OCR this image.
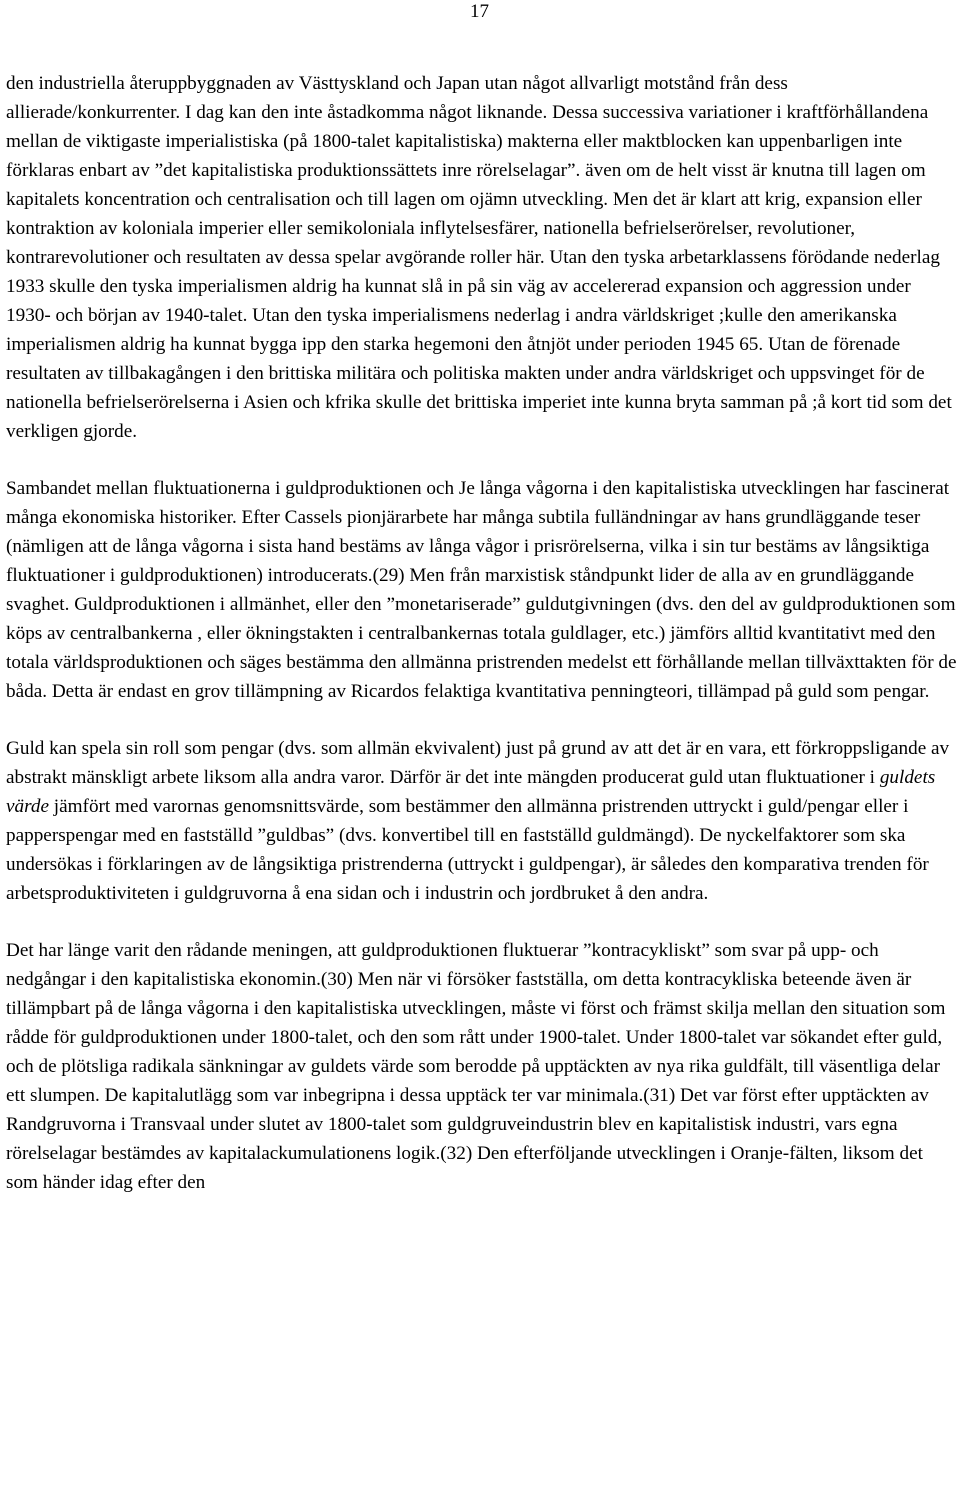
17

den industriella återuppbyggnaden av Västtyskland och Japan utan något allvarligt motstånd från dess allierade/konkurrenter. I dag kan den inte åstadkomma något liknande. Dessa successiva variationer i kraftförhållandena mellan de viktigaste imperialistiska (på 1800-talet kapitalistiska) makterna eller maktblocken kan uppenbarligen inte förklaras enbart av ”det kapitalistiska produktionssättets inre rörelselagar”. även om de helt visst är knutna till lagen om kapitalets koncentration och centralisation och till lagen om ojämn utveckling. Men det är klart att krig, expansion eller kontraktion av koloniala imperier eller semikoloniala inflytelsesfärer, nationella befrielserörelser, revolutioner, kontrarevolutioner och resultaten av dessa spelar avgörande roller här. Utan den tyska arbetarklassens förödande nederlag 1933 skulle den tyska imperialismen aldrig ha kunnat slå in på sin väg av accelererad expansion och aggression under 1930- och början av 1940-talet. Utan den tyska imperialismens nederlag i andra världskriget ;kulle den amerikanska imperialismen aldrig ha kunnat bygga ipp den starka hegemoni den åtnjöt under perioden 1945 65. Utan de förenade resultaten av tillbakagången i den brittiska militära och politiska makten under andra världskriget och uppsvinget för de nationella befrielserörelserna i Asien och kfrika skulle det brittiska imperiet inte kunna bryta samman på ;å kort tid som det verkligen gjorde.

Sambandet mellan fluktuationerna i guldproduktionen och Je långa vågorna i den kapitalistiska utvecklingen har fascinerat många ekonomiska historiker. Efter Cassels pionjärarbete har många subtila fulländningar av hans grundläggande teser (nämligen att de långa vågorna i sista hand bestäms av långa vågor i prisrörelserna, vilka i sin tur bestäms av långsiktiga fluktuationer i guldproduktionen) introducerats.(29) Men från marxistisk ståndpunkt lider de alla av en grundläggande svaghet. Guldproduktionen i allmänhet, eller den ”monetariserade” guldutgivningen (dvs. den del av guldproduktionen som köps av centralbankerna , eller ökningstakten i centralbankernas totala guldlager, etc.) jämförs alltid kvantitativt med den totala världsproduktionen och säges bestämma den allmänna pristrenden medelst ett förhållande mellan tillväxttakten för de båda. Detta är endast en grov tillämpning av Ricardos felaktiga kvantitativa penningteori, tillämpad på guld som pengar.

Guld kan spela sin roll som pengar (dvs. som allmän ekvivalent) just på grund av att det är en vara, ett förkroppsligande av abstrakt mänskligt arbete liksom alla andra varor. Därför är det inte mängden producerat guld utan fluktuationer i guldets värde jämfört med varornas genomsnittsvärde, som bestämmer den allmänna pristrenden uttryckt i guld/pengar eller i papperspengar med en fastställd ”guldbas” (dvs. konvertibel till en fastställd guldmängd). De nyckelfaktorer som ska undersökas i förklaringen av de långsiktiga pristrenderna (uttryckt i guldpengar), är således den komparativa trenden för arbetsproduktiviteten i guldgruvorna å ena sidan och i industrin och jordbruket å den andra.

Det har länge varit den rådande meningen, att guldproduktionen fluktuerar ”kontracykliskt” som svar på upp- och nedgångar i den kapitalistiska ekonomin.(30) Men när vi försöker fastställa, om detta kontracykliska beteende även är tillämpbart på de långa vågorna i den kapitalistiska utvecklingen, måste vi först och främst skilja mellan den situation som rådde för guldproduktionen under 1800-talet, och den som rått under 1900-talet. Under 1800-talet var sökandet efter guld, och de plötsliga radikala sänkningar av guldets värde som berodde på upptäckten av nya rika guldfält, till väsentliga delar ett slumpen. De kapitalutlägg som var inbegripna i dessa upptäck ter var minimala.(31) Det var först efter upptäckten av Randgruvorna i Transvaal under slutet av 1800-talet som guldgruveindustrin blev en kapitalistisk industri, vars egna rörelselagar bestämdes av kapitalackumulationens logik.(32) Den efterföljande utvecklingen i Oranje-fälten, liksom det som händer idag efter den
